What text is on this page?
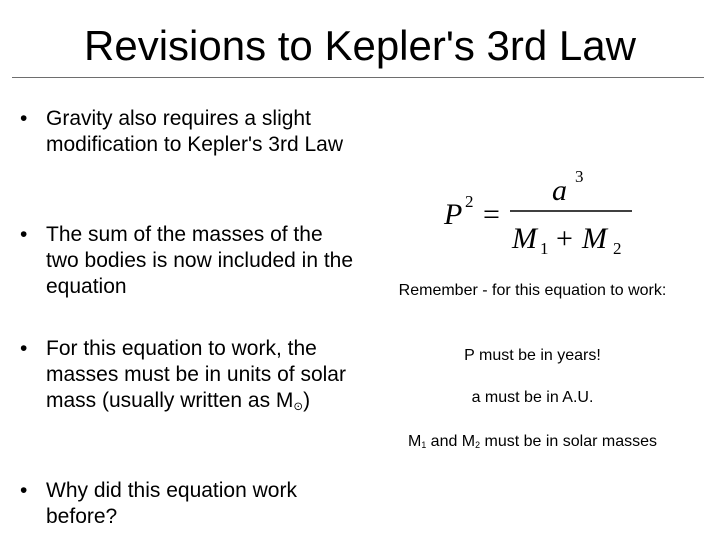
Revisions to Kepler's 3rd Law
• Gravity also requires a slight modification to Kepler's 3rd Law
• The sum of the masses of the two bodies is now included in the equation
• For this equation to work, the masses must be in units of solar mass (usually written as $M_⊙$)
• Why did this equation work before?
P 2 =
a 3
M 1 + M 2
Remember - for this equation to work:
P must be in years!
a must be in A.U.
$M_1$ and $M_2$ must be in solar masses
